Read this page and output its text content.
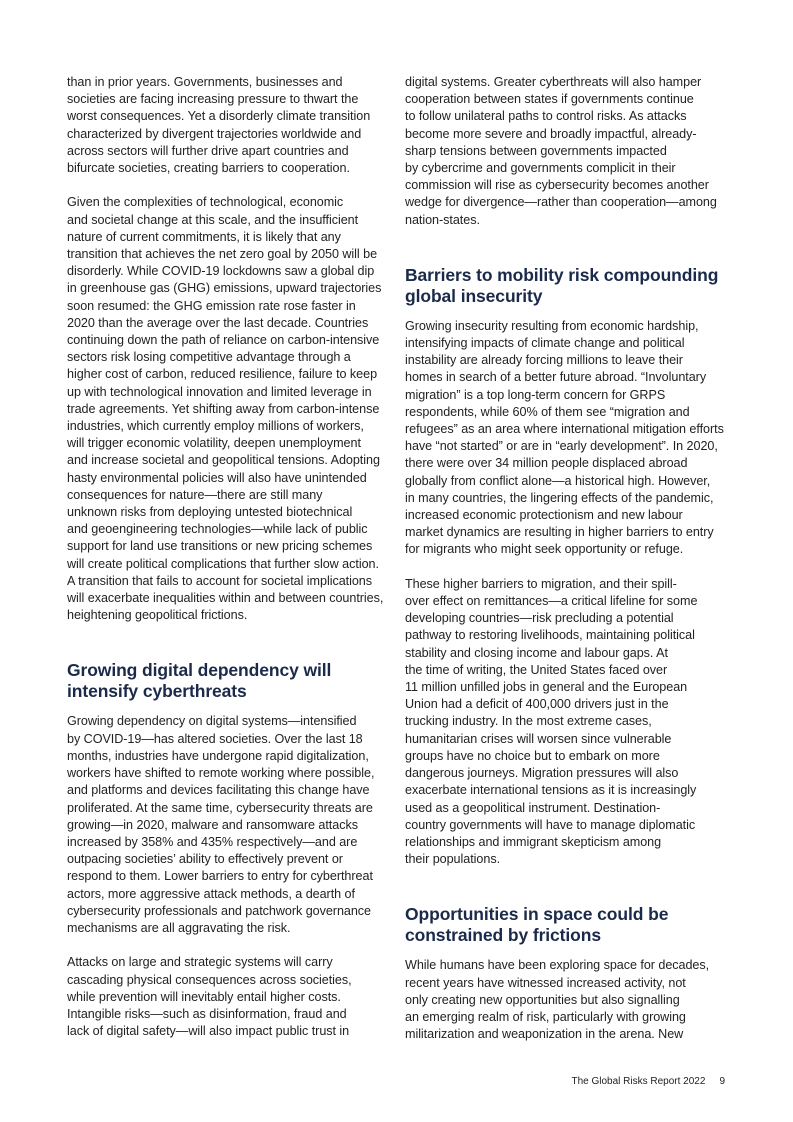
than in prior years. Governments, businesses and
societies are facing increasing pressure to thwart the
worst consequences. Yet a disorderly climate transition
characterized by divergent trajectories worldwide and
across sectors will further drive apart countries and
bifurcate societies, creating barriers to cooperation.

Given the complexities of technological, economic
and societal change at this scale, and the insufficient
nature of current commitments, it is likely that any
transition that achieves the net zero goal by 2050 will be
disorderly. While COVID-19 lockdowns saw a global dip
in greenhouse gas (GHG) emissions, upward trajectories
soon resumed: the GHG emission rate rose faster in
2020 than the average over the last decade. Countries
continuing down the path of reliance on carbon-intensive
sectors risk losing competitive advantage through a
higher cost of carbon, reduced resilience, failure to keep
up with technological innovation and limited leverage in
trade agreements. Yet shifting away from carbon-intense
industries, which currently employ millions of workers,
will trigger economic volatility, deepen unemployment
and increase societal and geopolitical tensions. Adopting
hasty environmental policies will also have unintended
consequences for nature—there are still many
unknown risks from deploying untested biotechnical
and geoengineering technologies—while lack of public
support for land use transitions or new pricing schemes
will create political complications that further slow action.
A transition that fails to account for societal implications
will exacerbate inequalities within and between countries,
heightening geopolitical frictions.

Growing digital dependency will
intensify cyberthreats

Growing dependency on digital systems—intensified
by COVID-19—has altered societies. Over the last 18
months, industries have undergone rapid digitalization,
workers have shifted to remote working where possible,
and platforms and devices facilitating this change have
proliferated. At the same time, cybersecurity threats are
growing—in 2020, malware and ransomware attacks
increased by 358% and 435% respectively—and are
outpacing societies’ ability to effectively prevent or
respond to them. Lower barriers to entry for cyberthreat
actors, more aggressive attack methods, a dearth of
cybersecurity professionals and patchwork governance
mechanisms are all aggravating the risk.

Attacks on large and strategic systems will carry
cascading physical consequences across societies,
while prevention will inevitably entail higher costs.
Intangible risks—such as disinformation, fraud and
lack of digital safety—will also impact public trust in

digital systems. Greater cyberthreats will also hamper
cooperation between states if governments continue
to follow unilateral paths to control risks. As attacks
become more severe and broadly impactful, already-
sharp tensions between governments impacted
by cybercrime and governments complicit in their
commission will rise as cybersecurity becomes another
wedge for divergence—rather than cooperation—among
nation-states.

Barriers to mobility risk compounding
global insecurity

Growing insecurity resulting from economic hardship,
intensifying impacts of climate change and political
instability are already forcing millions to leave their
homes in search of a better future abroad. “Involuntary
migration” is a top long-term concern for GRPS
respondents, while 60% of them see “migration and
refugees” as an area where international mitigation efforts
have “not started” or are in “early development”. In 2020,
there were over 34 million people displaced abroad
globally from conflict alone—a historical high. However,
in many countries, the lingering effects of the pandemic,
increased economic protectionism and new labour
market dynamics are resulting in higher barriers to entry
for migrants who might seek opportunity or refuge.

These higher barriers to migration, and their spill-
over effect on remittances—a critical lifeline for some
developing countries—risk precluding a potential
pathway to restoring livelihoods, maintaining political
stability and closing income and labour gaps. At
the time of writing, the United States faced over
11 million unfilled jobs in general and the European
Union had a deficit of 400,000 drivers just in the
trucking industry. In the most extreme cases,
humanitarian crises will worsen since vulnerable
groups have no choice but to embark on more
dangerous journeys. Migration pressures will also
exacerbate international tensions as it is increasingly
used as a geopolitical instrument. Destination-
country governments will have to manage diplomatic
relationships and immigrant skepticism among
their populations.

Opportunities in space could be
constrained by frictions

While humans have been exploring space for decades,
recent years have witnessed increased activity, not
only creating new opportunities but also signalling
an emerging realm of risk, particularly with growing
militarization and weaponization in the arena. New

The Global Risks Report 2022 9
